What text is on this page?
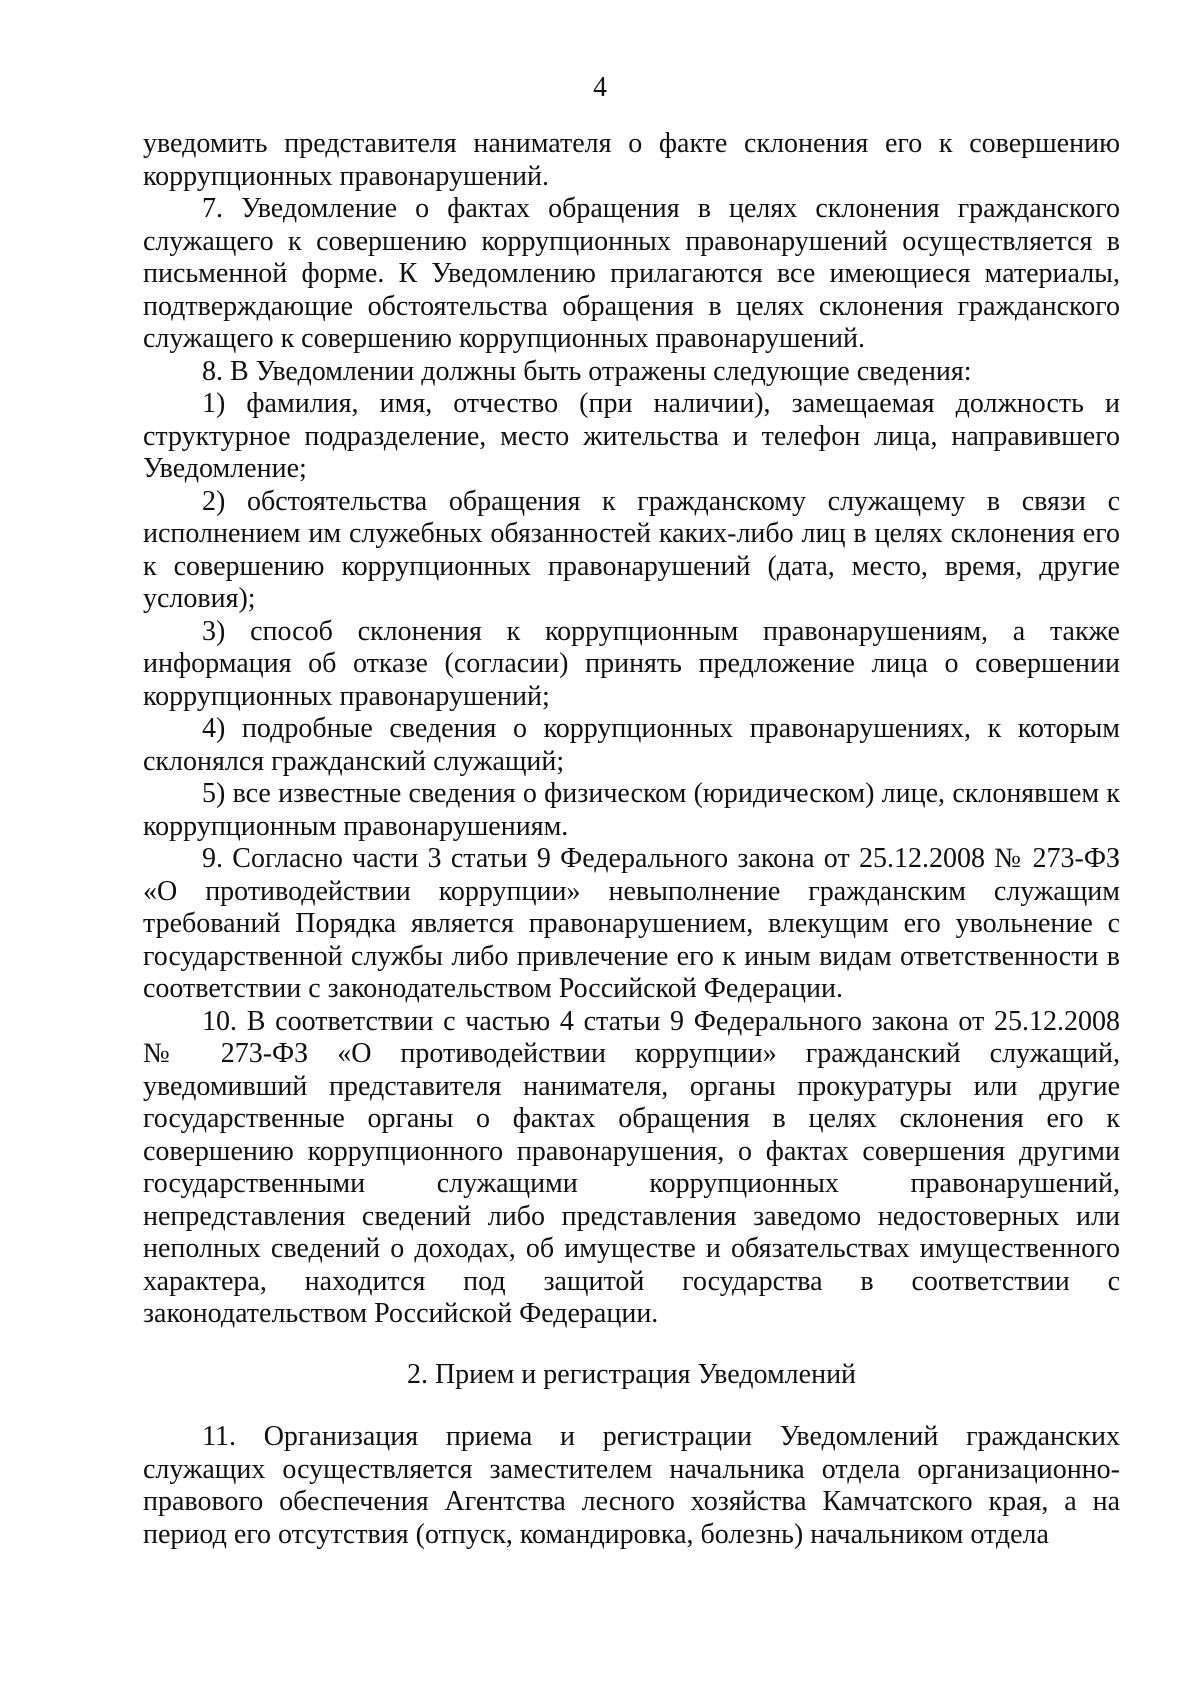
4

уведомить представителя нанимателя о факте склонения его к совершению коррупционных правонарушений.

7. Уведомление о фактах обращения в целях склонения гражданского служащего к совершению коррупционных правонарушений осуществляется в письменной форме. К Уведомлению прилагаются все имеющиеся материалы, подтверждающие обстоятельства обращения в целях склонения гражданского служащего к совершению коррупционных правонарушений.

8. В Уведомлении должны быть отражены следующие сведения:

1) фамилия, имя, отчество (при наличии), замещаемая должность и структурное подразделение, место жительства и телефон лица, направившего Уведомление;

2) обстоятельства обращения к гражданскому служащему в связи с исполнением им служебных обязанностей каких-либо лиц в целях склонения его к совершению коррупционных правонарушений (дата, место, время, другие условия);

3) способ склонения к коррупционным правонарушениям, а также информация об отказе (согласии) принять предложение лица о совершении коррупционных правонарушений;

4) подробные сведения о коррупционных правонарушениях, к которым склонялся гражданский служащий;

5) все известные сведения о физическом (юридическом) лице, склонявшем к коррупционным правонарушениям.

9. Согласно части 3 статьи 9 Федерального закона от 25.12.2008 № 273-ФЗ «О противодействии коррупции» невыполнение гражданским служащим требований Порядка является правонарушением, влекущим его увольнение с государственной службы либо привлечение его к иным видам ответственности в соответствии с законодательством Российской Федерации.

10. В соответствии с частью 4 статьи 9 Федерального закона от 25.12.2008 № 273-ФЗ «О противодействии коррупции» гражданский служащий, уведомивший представителя нанимателя, органы прокуратуры или другие государственные органы о фактах обращения в целях склонения его к совершению коррупционного правонарушения, о фактах совершения другими государственными служащими коррупционных правонарушений, непредставления сведений либо представления заведомо недостоверных или неполных сведений о доходах, об имуществе и обязательствах имущественного характера, находится под защитой государства в соответствии с законодательством Российской Федерации.

2. Прием и регистрация Уведомлений

11. Организация приема и регистрации Уведомлений гражданских служащих осуществляется заместителем начальника отдела организационно-правового обеспечения Агентства лесного хозяйства Камчатского края, а на период его отсутствия (отпуск, командировка, болезнь) начальником отдела
